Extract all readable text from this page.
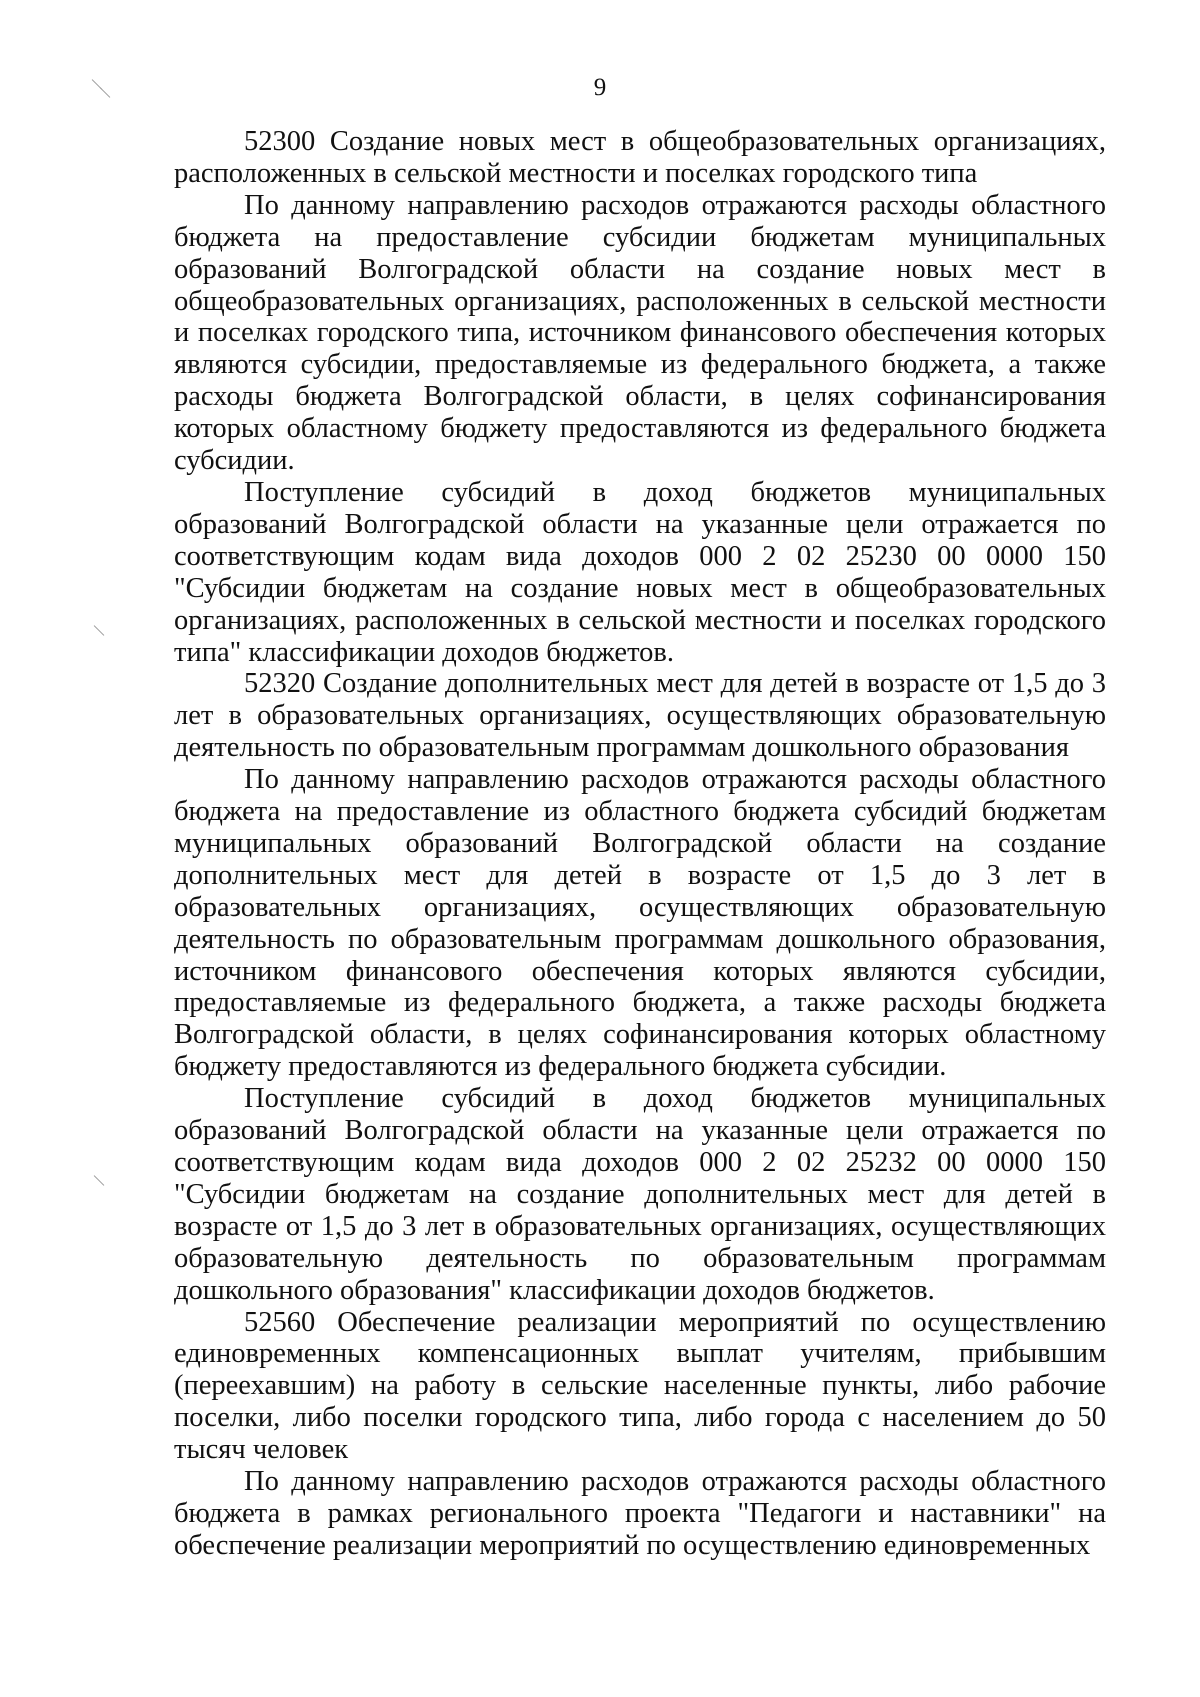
9

52300 Создание новых мест в общеобразовательных организациях, расположенных в сельской местности и поселках городского типа

По данному направлению расходов отражаются расходы областного бюджета на предоставление субсидии бюджетам муниципальных образований Волгоградской области на создание новых мест в общеобразовательных организациях, расположенных в сельской местности и поселках городского типа, источником финансового обеспечения которых являются субсидии, предоставляемые из федерального бюджета, а также расходы бюджета Волгоградской области, в целях софинансирования которых областному бюджету предоставляются из федерального бюджета субсидии.

Поступление субсидий в доход бюджетов муниципальных образований Волгоградской области на указанные цели отражается по соответствующим кодам вида доходов 000 2 02 25230 00 0000 150 "Субсидии бюджетам на создание новых мест в общеобразовательных организациях, расположенных в сельской местности и поселках городского типа" классификации доходов бюджетов.

52320 Создание дополнительных мест для детей в возрасте от 1,5 до 3 лет в образовательных организациях, осуществляющих образовательную деятельность по образовательным программам дошкольного образования

По данному направлению расходов отражаются расходы областного бюджета на предоставление из областного бюджета субсидий бюджетам муниципальных образований Волгоградской области на создание дополнительных мест для детей в возрасте от 1,5 до 3 лет в образовательных организациях, осуществляющих образовательную деятельность по образовательным программам дошкольного образования, источником финансового обеспечения которых являются субсидии, предоставляемые из федерального бюджета, а также расходы бюджета Волгоградской области, в целях софинансирования которых областному бюджету предоставляются из федерального бюджета субсидии.

Поступление субсидий в доход бюджетов муниципальных образований Волгоградской области на указанные цели отражается по соответствующим кодам вида доходов 000 2 02 25232 00 0000 150 "Субсидии бюджетам на создание дополнительных мест для детей в возрасте от 1,5 до 3 лет в образовательных организациях, осуществляющих образовательную деятельность по образовательным программам дошкольного образования" классификации доходов бюджетов.

52560 Обеспечение реализации мероприятий по осуществлению единовременных компенсационных выплат учителям, прибывшим (переехавшим) на работу в сельские населенные пункты, либо рабочие поселки, либо поселки городского типа, либо города с населением до 50 тысяч человек

По данному направлению расходов отражаются расходы областного бюджета в рамках регионального проекта "Педагоги и наставники" на обеспечение реализации мероприятий по осуществлению единовременных
